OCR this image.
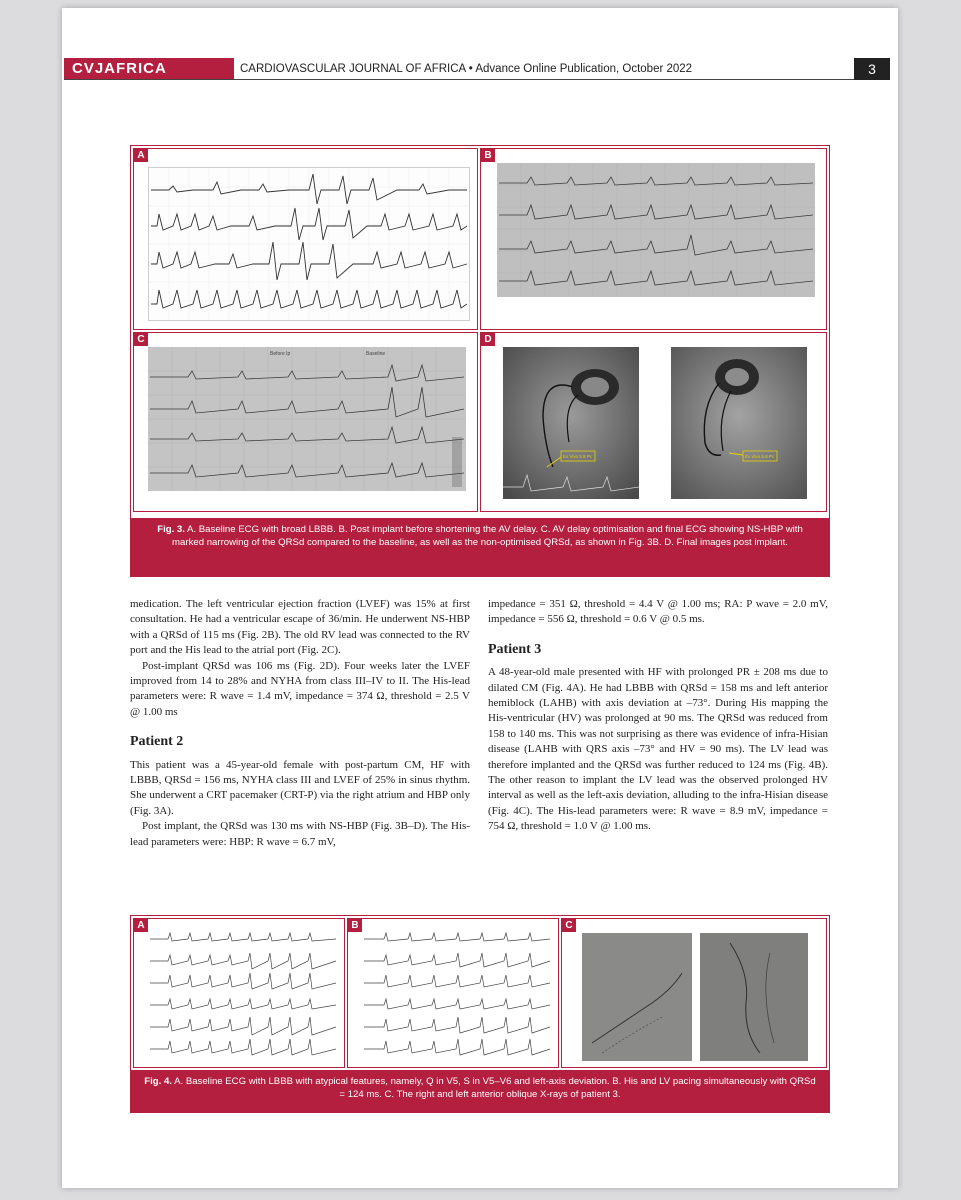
CVJAFRICA	CARDIOVASCULAR JOURNAL OF AFRICA • Advance Online Publication, October 2022	3
A	B
C
Before Ip	Baseline
D
Ex Vivo 5.8 Pc	Ex Vivo 5.8 Pc
Fig. 3. A. Baseline ECG with broad LBBB. B. Post implant before shortening the AV delay. C. AV delay optimisation and final ECG showing NS-HBP with marked narrowing of the QRSd compared to the baseline, as well as the non-optimised QRSd, as shown in Fig. 3B. D. Final images post implant.

medication. The left ventricular ejection fraction (LVEF) was 15% at first consultation. He had a ventricular escape of 36/min. He underwent NS-HBP with a QRSd of 115 ms (Fig. 2B). The old RV lead was connected to the RV port and the His lead to the atrial port (Fig. 2C).

Post-implant QRSd was 106 ms (Fig. 2D). Four weeks later the LVEF improved from 14 to 28% and NYHA from class III–IV to II. The His-lead parameters were: R wave = 1.4 mV, impedance = 374 Ω, threshold = 2.5 V @ 1.00 ms

Patient 2

This patient was a 45-year-old female with post-partum CM, HF with LBBB, QRSd = 156 ms, NYHA class III and LVEF of 25% in sinus rhythm. She underwent a CRT pacemaker (CRT-P) via the right atrium and HBP only (Fig. 3A).

Post implant, the QRSd was 130 ms with NS-HBP (Fig. 3B–D). The His-lead parameters were: HBP: R wave = 6.7 mV,

impedance = 351 Ω, threshold = 4.4 V @ 1.00 ms; RA: P wave = 2.0 mV, impedance = 556 Ω, threshold = 0.6 V @ 0.5 ms.

Patient 3

A 48-year-old male presented with HF with prolonged PR ± 208 ms due to dilated CM (Fig. 4A). He had LBBB with QRSd = 158 ms and left anterior hemiblock (LAHB) with axis deviation at –73°. During His mapping the His-ventricular (HV) was prolonged at 90 ms. The QRSd was reduced from 158 to 140 ms. This was not surprising as there was evidence of infra-Hisian disease (LAHB with QRS axis –73° and HV = 90 ms). The LV lead was therefore implanted and the QRSd was further reduced to 124 ms (Fig. 4B). The other reason to implant the LV lead was the observed prolonged HV interval as well as the left-axis deviation, alluding to the infra-Hisian disease (Fig. 4C). The His-lead parameters were: R wave = 8.9 mV, impedance = 754 Ω, threshold = 1.0 V @ 1.00 ms.

A	B	C
Fig. 4. A. Baseline ECG with LBBB with atypical features, namely, Q in V5, S in V5–V6 and left-axis deviation. B. His and LV pacing simultaneously with QRSd = 124 ms. C. The right and left anterior oblique X-rays of patient 3.
